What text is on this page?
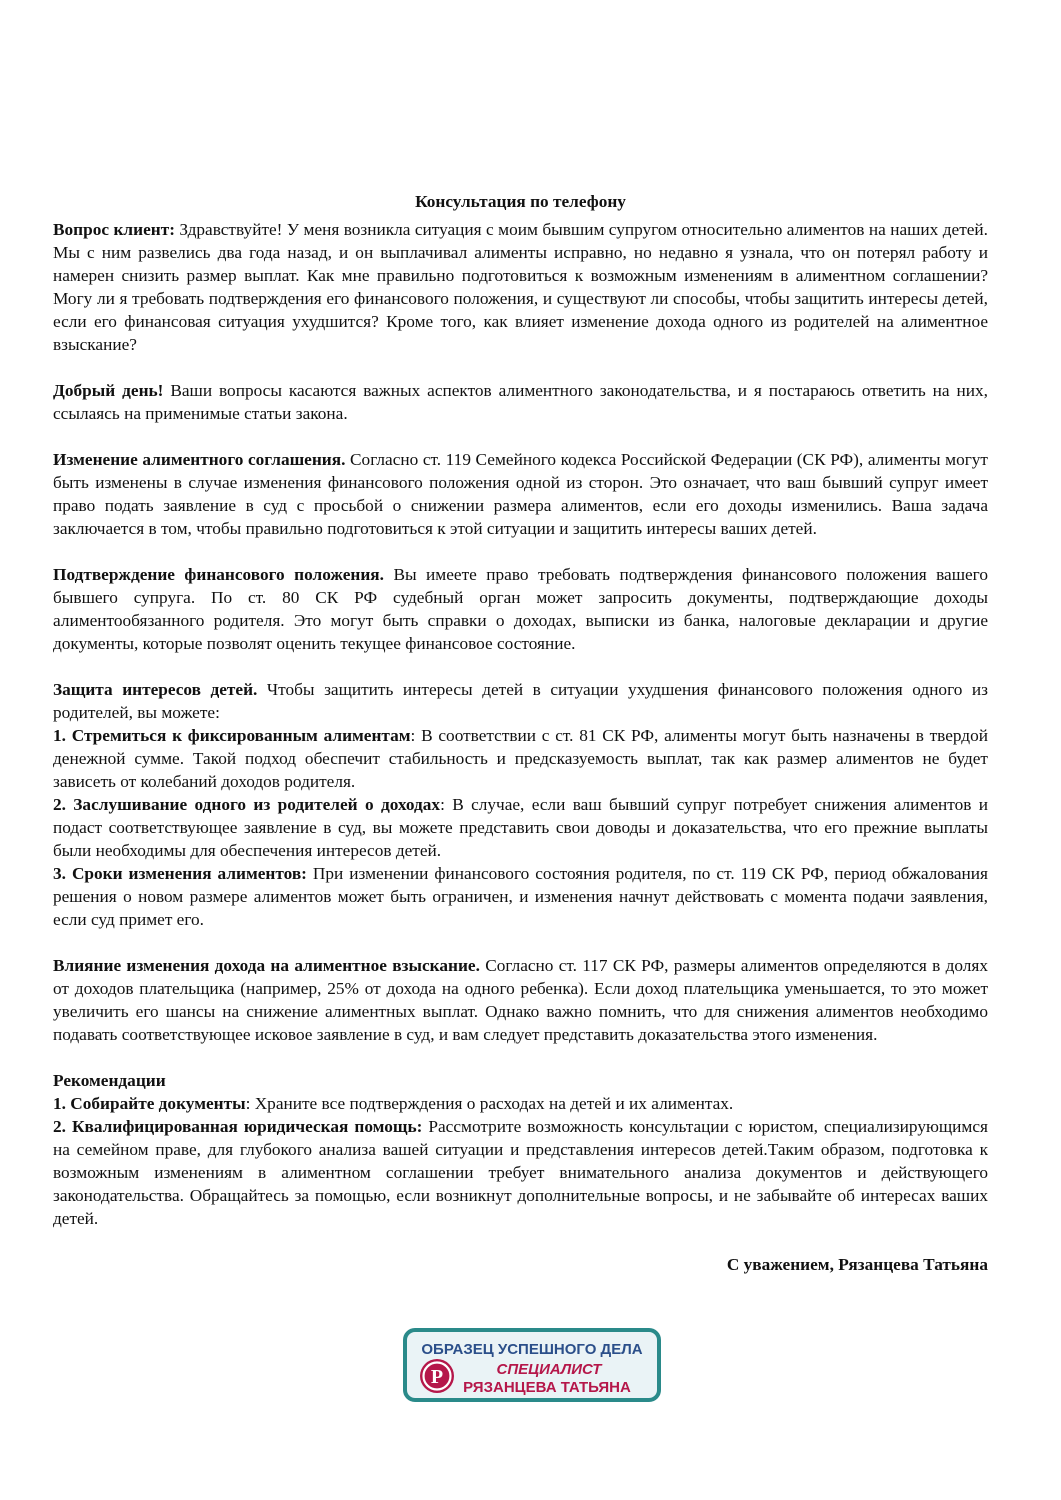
Консультация по телефону

Вопрос клиент: Здравствуйте! У меня возникла ситуация с моим бывшим супругом относительно алиментов на наших детей. Мы с ним развелись два года назад, и он выплачивал алименты исправно, но недавно я узнала, что он потерял работу и намерен снизить размер выплат. Как мне правильно подготовиться к возможным изменениям в алиментном соглашении? Могу ли я требовать подтверждения его финансового положения, и существуют ли способы, чтобы защитить интересы детей, если его финансовая ситуация ухудшится? Кроме того, как влияет изменение дохода одного из родителей на алиментное взыскание?

Добрый день! Ваши вопросы касаются важных аспектов алиментного законодательства, и я постараюсь ответить на них, ссылаясь на применимые статьи закона.

Изменение алиментного соглашения. Согласно ст. 119 Семейного кодекса Российской Федерации (СК РФ), алименты могут быть изменены в случае изменения финансового положения одной из сторон. Это означает, что ваш бывший супруг имеет право подать заявление в суд с просьбой о снижении размера алиментов, если его доходы изменились. Ваша задача заключается в том, чтобы правильно подготовиться к этой ситуации и защитить интересы ваших детей.

Подтверждение финансового положения. Вы имеете право требовать подтверждения финансового положения вашего бывшего супруга. По ст. 80 СК РФ судебный орган может запросить документы, подтверждающие доходы алиментообязанного родителя. Это могут быть справки о доходах, выписки из банка, налоговые декларации и другие документы, которые позволят оценить текущее финансовое состояние.

Защита интересов детей. Чтобы защитить интересы детей в ситуации ухудшения финансового положения одного из родителей, вы можете:

1. Стремиться к фиксированным алиментам: В соответствии с ст. 81 СК РФ, алименты могут быть назначены в твердой денежной сумме. Такой подход обеспечит стабильность и предсказуемость выплат, так как размер алиментов не будет зависеть от колебаний доходов родителя.

2. Заслушивание одного из родителей о доходах: В случае, если ваш бывший супруг потребует снижения алиментов и подаст соответствующее заявление в суд, вы можете представить свои доводы и доказательства, что его прежние выплаты были необходимы для обеспечения интересов детей.

3. Сроки изменения алиментов: При изменении финансового состояния родителя, по ст. 119 СК РФ, период обжалования решения о новом размере алиментов может быть ограничен, и изменения начнут действовать с момента подачи заявления, если суд примет его.

Влияние изменения дохода на алиментное взыскание. Согласно ст. 117 СК РФ, размеры алиментов определяются в долях от доходов плательщика (например, 25% от дохода на одного ребенка). Если доход плательщика уменьшается, то это может увеличить его шансы на снижение алиментных выплат. Однако важно помнить, что для снижения алиментов необходимо подавать соответствующее исковое заявление в суд, и вам следует представить доказательства этого изменения.

Рекомендации

1. Собирайте документы: Храните все подтверждения о расходах на детей и их алиментах.

2. Квалифицированная юридическая помощь: Рассмотрите возможность консультации с юристом, специализирующимся на семейном праве, для глубокого анализа вашей ситуации и представления интересов детей.Таким образом, подготовка к возможным изменениям в алиментном соглашении требует внимательного анализа документов и действующего законодательства. Обращайтесь за помощью, если возникнут дополнительные вопросы, и не забывайте об интересах ваших детей.

С уважением, Рязанцева Татьяна
ОБРАЗЕЦ УСПЕШНОГО ДЕЛА
P	СПЕЦИАЛИСТ
РЯЗАНЦЕВА ТАТЬЯНА
